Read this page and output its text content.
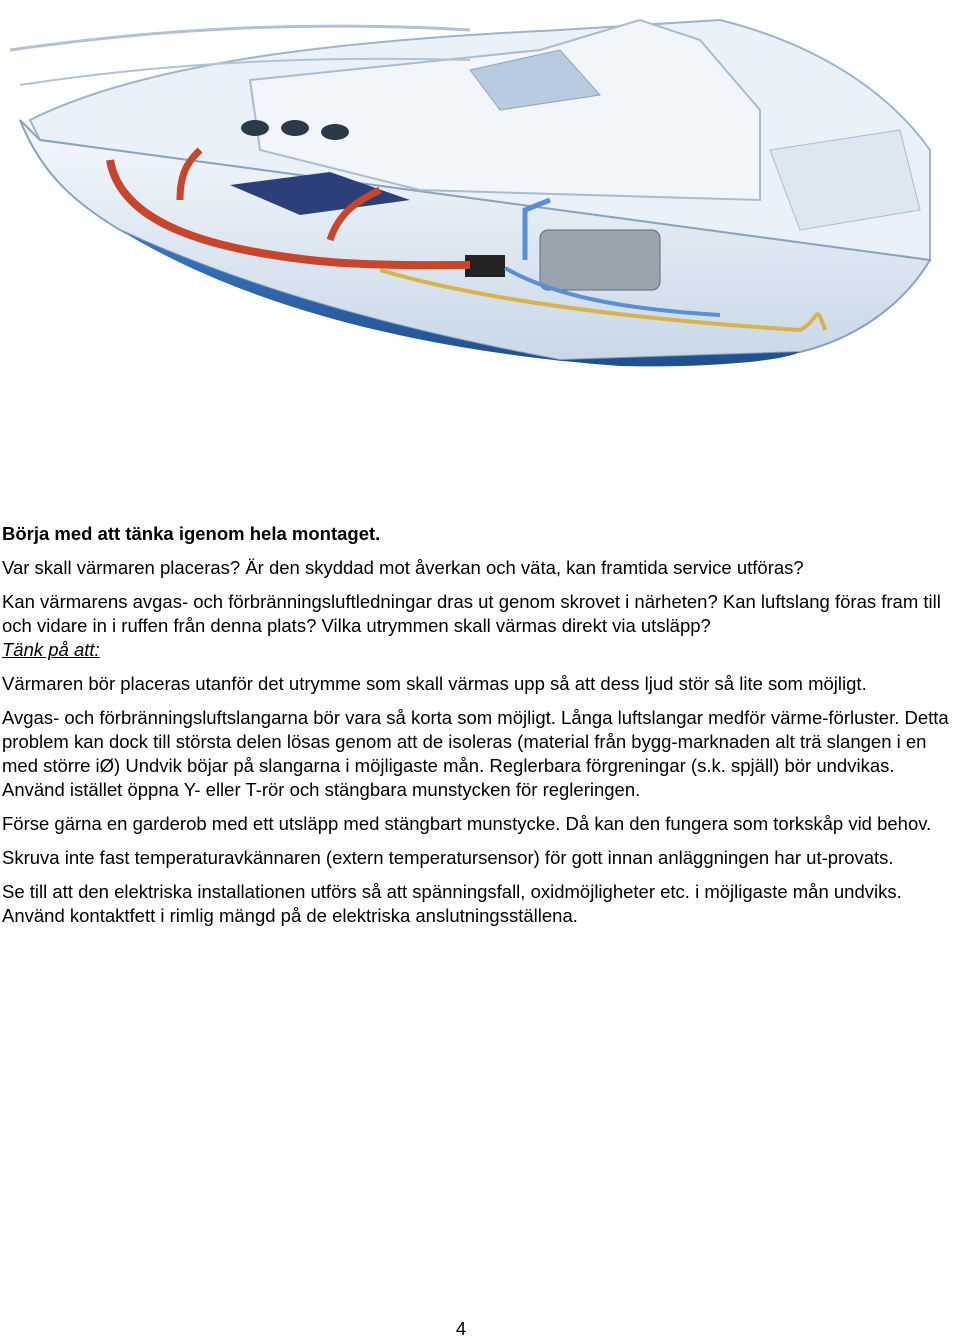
Börja med att tänka igenom hela montaget.

Var skall värmaren placeras? Är den skyddad mot åverkan och väta, kan framtida service utföras?

Kan värmarens avgas- och förbränningsluftledningar dras ut genom skrovet i närheten? Kan luftslang föras fram till och vidare in i ruffen från denna plats? Vilka utrymmen skall värmas direkt via utsläpp?

Tänk på att:

Värmaren bör placeras utanför det utrymme som skall värmas upp så att dess ljud stör så lite som möjligt.

Avgas- och förbränningsluftslangarna bör vara så korta som möjligt. Långa luftslangar medför värme-förluster. Detta problem kan dock till största delen lösas genom att de isoleras (material från bygg-marknaden alt trä slangen i en med större iØ) Undvik böjar på slangarna i möjligaste mån. Reglerbara förgreningar (s.k. spjäll) bör undvikas. Använd istället öppna Y- eller T-rör och stängbara munstycken för regleringen.

Förse gärna en garderob med ett utsläpp med stängbart munstycke. Då kan den fungera som torkskåp vid behov.

Skruva inte fast temperaturavkännaren (extern temperatursensor) för gott innan anläggningen har ut-provats.

Se till att den elektriska installationen utförs så att spänningsfall, oxidmöjligheter etc. i möjligaste mån undviks. Använd kontaktfett i rimlig mängd på de elektriska anslutningsställena.

4
